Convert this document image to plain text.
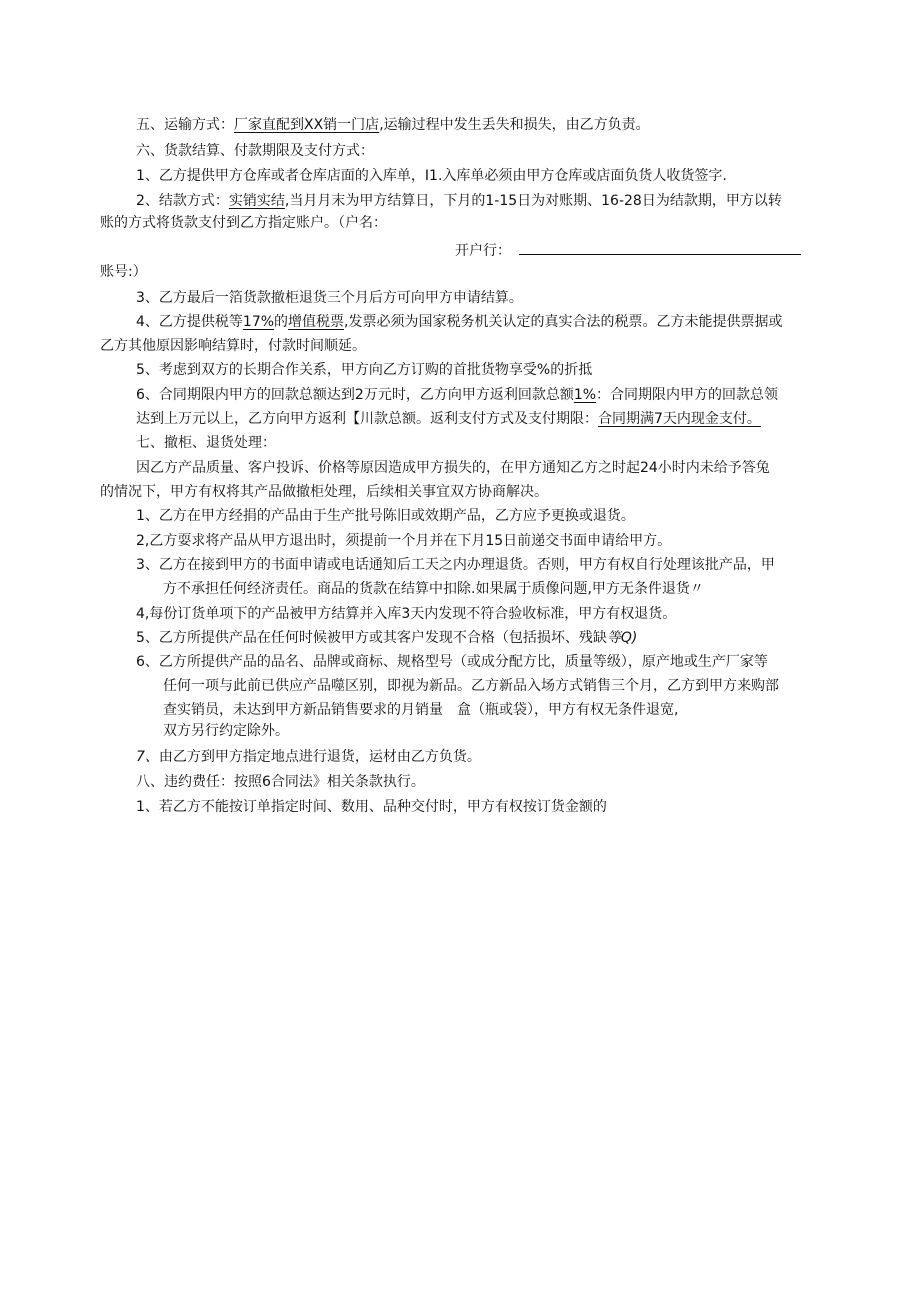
五、运输方式：厂家直配到XX销一门店,运输过程中发生丢失和损失，由乙方负责。
六、货款结算、付款期限及支付方式：
1、乙方提供甲方仓库或者仓库店面的入库单，I1.入库单必须由甲方仓库或店面负货人收货签字.
2、结款方式：实销实结,当月月末为甲方结算日，下月的1-15日为对账期、16-28日为结款期，甲方以转
账的方式将货款支付到乙方指定账户。（户名：
开户行：
账号:）
3、乙方最后一箔货款撤柜退货三个月后方可向甲方申请结算。
4、乙方提供税等17%的增值税票,发票必须为国家税务机关认定的真实合法的税票。乙方未能提供票据或
乙方其他原因影响结算时，付款时间顺延。
5、考虑到双方的长期合作关系，甲方向乙方订购的首批货物享受%的折抵
6、合同期限内甲方的回款总额达到2万元时，乙方向甲方返利回款总额1%：合同期限内甲方的回款总领
达到上万元以上，乙方向甲方返利【川款总额。返利支付方式及支付期限：合同期满7天内现金支付。
七、撤柜、退货处理：
因乙方产品质量、客户投诉、价格等原因造成甲方损失的，在甲方通知乙方之时起24小时内未给予答兔
的情况下，甲方有权将其产品做撤柜处理，后续相关事宜双方协商解决。
1、乙方在甲方经捐的产品由于生产批号陈旧或效期产品，乙方应予更换或退货。
2,乙方耍求将产品从甲方退出时，须提前一个月并在下月15日前递交书面申请给甲方。
3、乙方在接到甲方的书面申请或电话通知后工天之内办理退货。否则，甲方有权自行处理该批产品，甲
方不承担任何经济责任。商品的货款在结算中扣除.如果属于质像问题,甲方无条件退货〃
4,每份订货单项下的产品被甲方结算并入库3天内发现不符合验收标准，甲方有权退货。
5、乙方所提供产品在任何时候被甲方或其客户发现不合格（包括损坏、残缺等Q)
6、乙方所提供产品的品名、品牌或商标、规格型号（或成分配方比，质量等级），原产地或生产厂家等
任何一项与此前已供应产品噬区别，即视为新品。乙方新品入场方式销售三个月，乙方到甲方来购部
查实销员，未达到甲方新品销售要求的月销量 盒（瓶或袋），甲方有权无条件退宽,
双方另行约定除外。
7、由乙方到甲方指定地点进行退货，运材由乙方负货。
八、违约费任：按照6合同法》相关条款执行。
1、若乙方不能按订单指定时间、数用、品种交付时，甲方有权按订货金额的
